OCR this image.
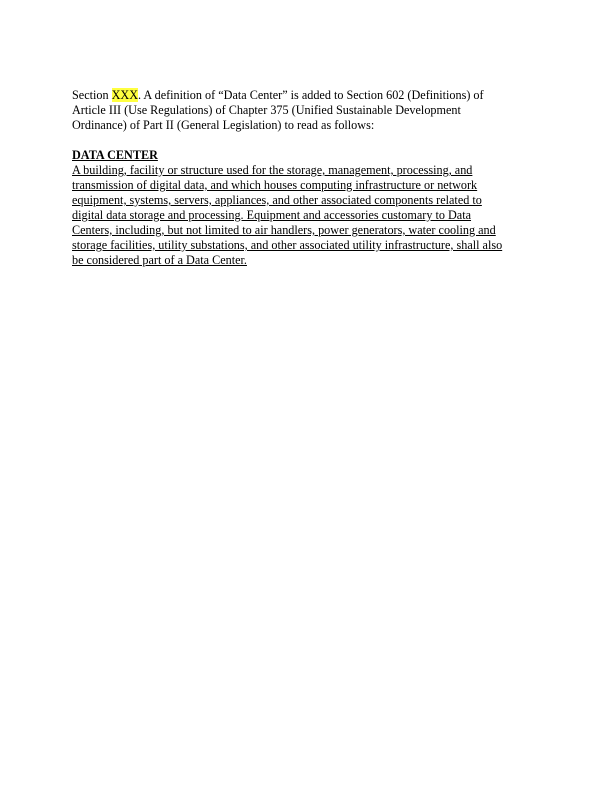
Section XXX. A definition of “Data Center” is added to Section 602 (Definitions) of
Article III (Use Regulations) of Chapter 375 (Unified Sustainable Development
Ordinance) of Part II (General Legislation) to read as follows:

DATA CENTER

A building, facility or structure used for the storage, management, processing, and
transmission of digital data, and which houses computing infrastructure or network
equipment, systems, servers, appliances, and other associated components related to
digital data storage and processing. Equipment and accessories customary to Data
Centers, including, but not limited to air handlers, power generators, water cooling and
storage facilities, utility substations, and other associated utility infrastructure, shall also
be considered part of a Data Center.
